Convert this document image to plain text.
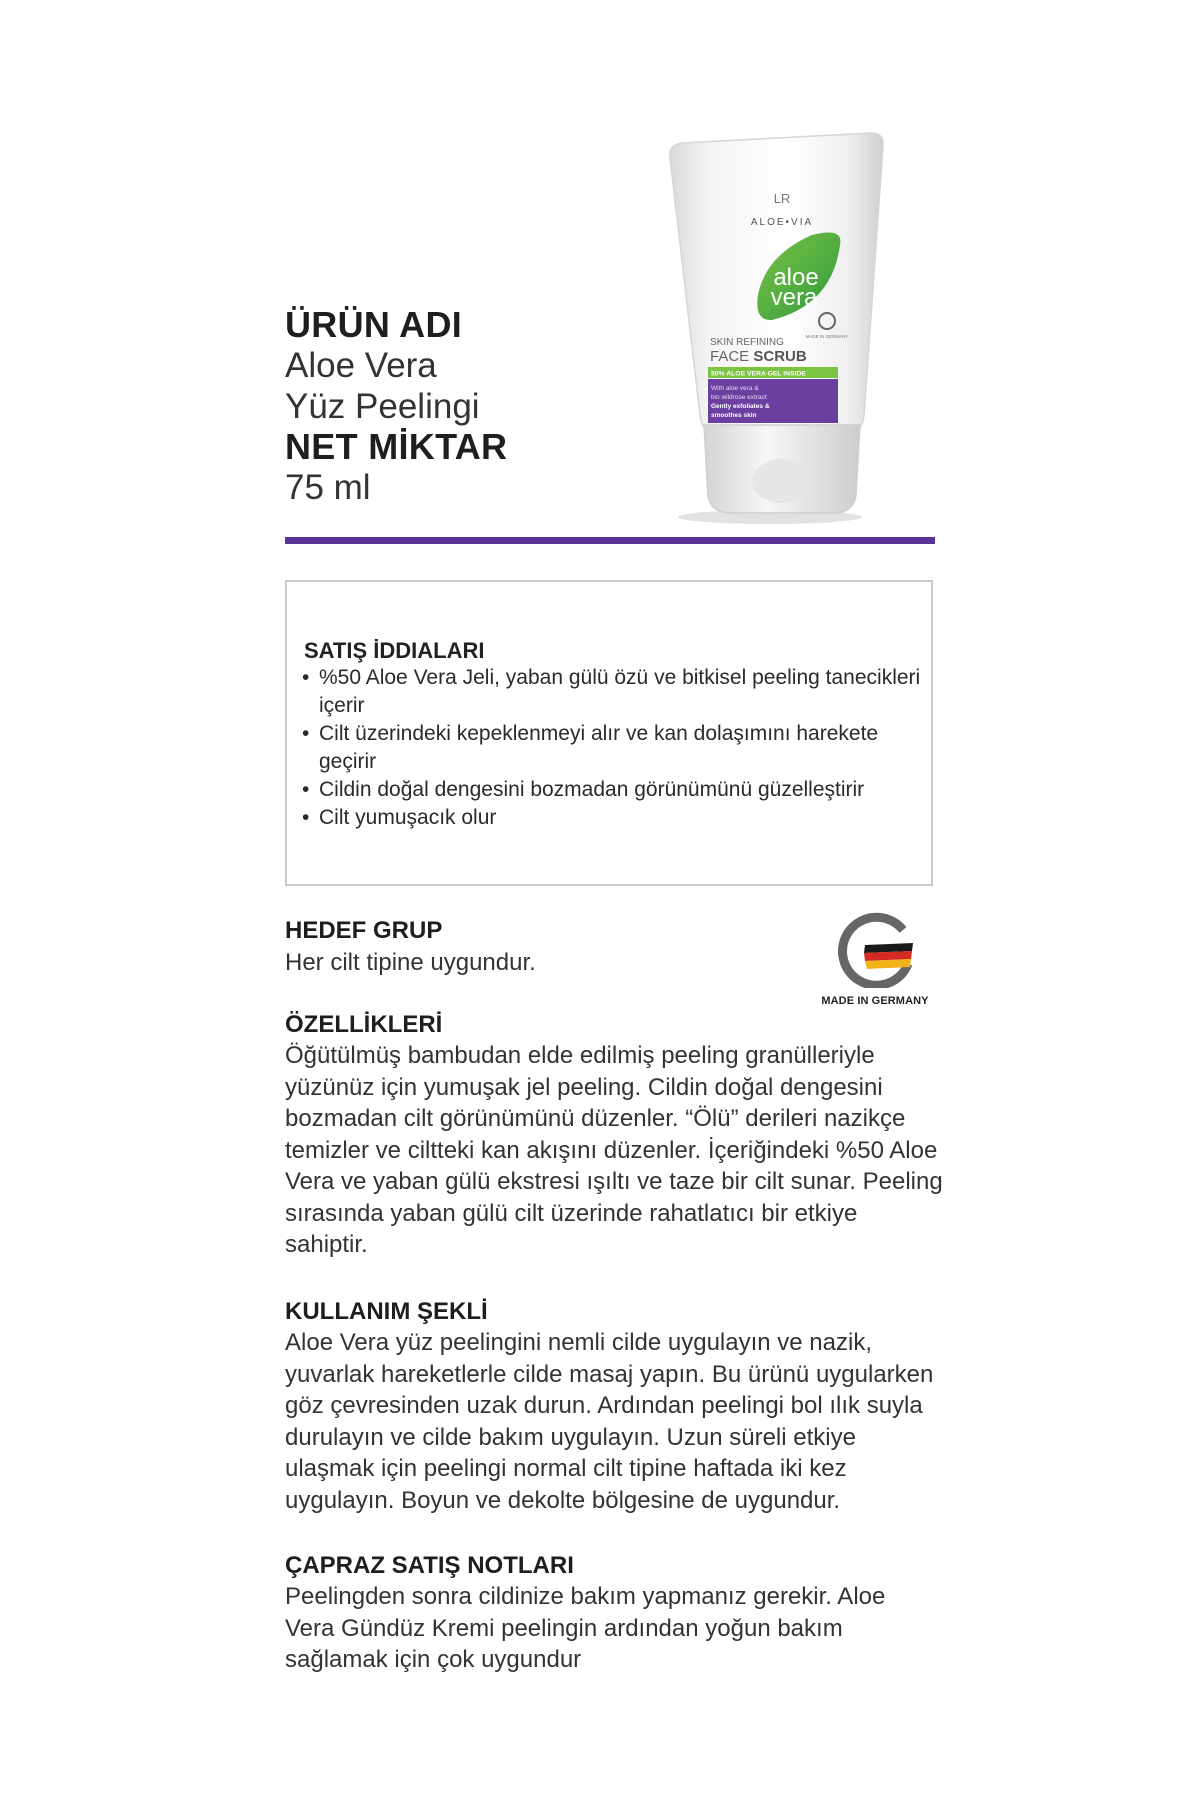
ÜRÜN ADI
Aloe Vera
Yüz Peelingi
NET MİKTAR
75 ml
LR
ALOE•VIA
aloe
vera
MADE IN GERMANY
SKIN REFINING
FACE SCRUB
50% ALOE VERA GEL INSIDE
With aloe vera &
bio wildrose extract
Gently exfoliates &
smoothes skin
SATIŞ İDDIALARI
• %50 Aloe Vera Jeli, yaban gülü özü ve bitkisel peeling tanecikleri içerir
• Cilt üzerindeki kepeklenmeyi alır ve kan dolaşımını harekete geçirir
• Cildin doğal dengesini bozmadan görünümünü güzelleştirir
• Cilt yumuşacık olur
HEDEF GRUP
Her cilt tipine uygundur.
MADE IN GERMANY
ÖZELLİKLERİ
Öğütülmüş bambudan elde edilmiş peeling granülleriyle yüzünüz için yumuşak jel peeling. Cildin doğal dengesini bozmadan cilt görünümünü düzenler. “Ölü” derileri nazikçe temizler ve ciltteki kan akışını düzenler. İçeriğindeki %50 Aloe Vera ve yaban gülü ekstresi ışıltı ve taze bir cilt sunar. Peeling sırasında yaban gülü cilt üzerinde rahatlatıcı bir etkiye sahiptir.
KULLANIM ŞEKLİ
Aloe Vera yüz peelingini nemli cilde uygulayın ve nazik, yuvarlak hareketlerle cilde masaj yapın. Bu ürünü uygularken göz çevresinden uzak durun. Ardından peelingi bol ılık suyla durulayın ve cilde bakım uygulayın. Uzun süreli etkiye ulaşmak için peelingi normal cilt tipine haftada iki kez uygulayın. Boyun ve dekolte bölgesine de uygundur.
ÇAPRAZ SATIŞ NOTLARI
Peelingden sonra cildinize bakım yapmanız gerekir. Aloe Vera Gündüz Kremi peelingin ardından yoğun bakım sağlamak için çok uygundur
